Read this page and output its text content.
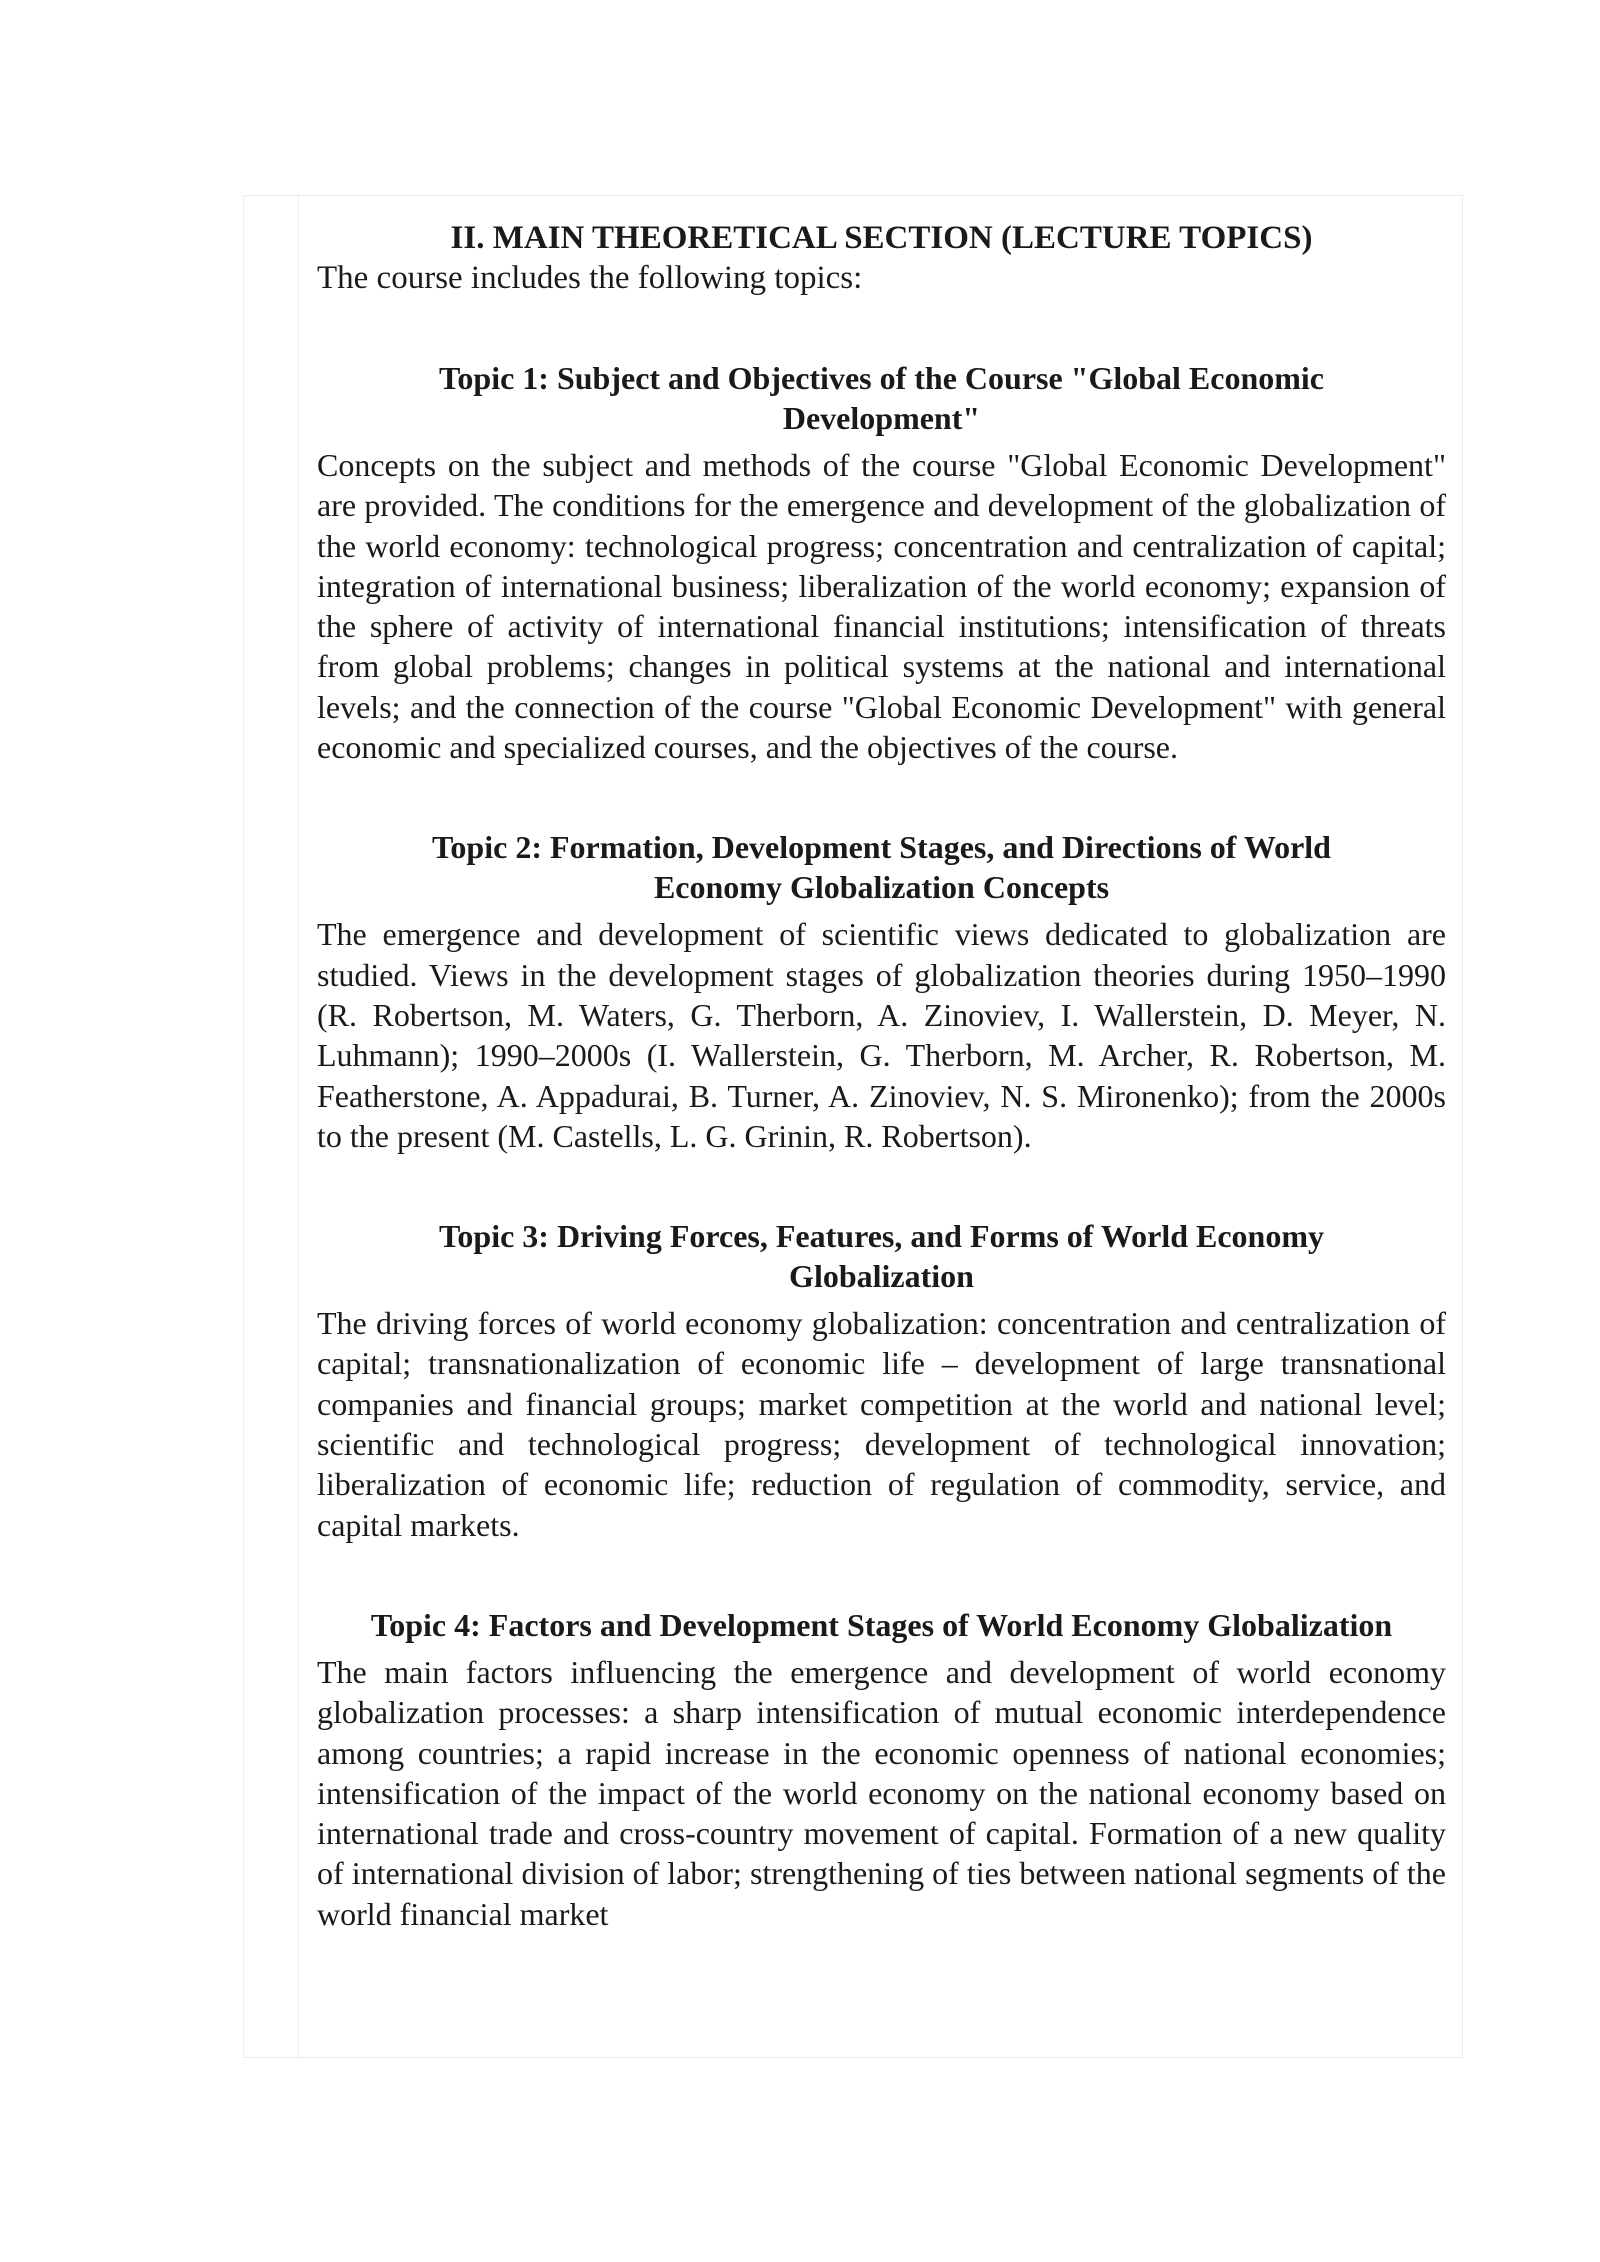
II. MAIN THEORETICAL SECTION (LECTURE TOPICS)

The course includes the following topics:

Topic 1: Subject and Objectives of the Course "Global Economic Development"

Concepts on the subject and methods of the course "Global Economic Development" are provided. The conditions for the emergence and development of the globalization of the world economy: technological progress; concentration and centralization of capital; integration of international business; liberalization of the world economy; expansion of the sphere of activity of international financial institutions; intensification of threats from global problems; changes in political systems at the national and international levels; and the connection of the course "Global Economic Development" with general economic and specialized courses, and the objectives of the course.

Topic 2: Formation, Development Stages, and Directions of World Economy Globalization Concepts

The emergence and development of scientific views dedicated to globalization are studied. Views in the development stages of globalization theories during 1950–1990 (R. Robertson, M. Waters, G. Therborn, A. Zinoviev, I. Wallerstein, D. Meyer, N. Luhmann); 1990–2000s (I. Wallerstein, G. Therborn, M. Archer, R. Robertson, M. Featherstone, A. Appadurai, B. Turner, A. Zinoviev, N. S. Mironenko); from the 2000s to the present (M. Castells, L. G. Grinin, R. Robertson).

Topic 3: Driving Forces, Features, and Forms of World Economy Globalization

The driving forces of world economy globalization: concentration and centralization of capital; transnationalization of economic life – development of large transnational companies and financial groups; market competition at the world and national level; scientific and technological progress; development of technological innovation; liberalization of economic life; reduction of regulation of commodity, service, and capital markets.

Topic 4: Factors and Development Stages of World Economy Globalization

The main factors influencing the emergence and development of world economy globalization processes: a sharp intensification of mutual economic interdependence among countries; a rapid increase in the economic openness of national economies; intensification of the impact of the world economy on the national economy based on international trade and cross-country movement of capital. Formation of a new quality of international division of labor; strengthening of ties between national segments of the world financial market
